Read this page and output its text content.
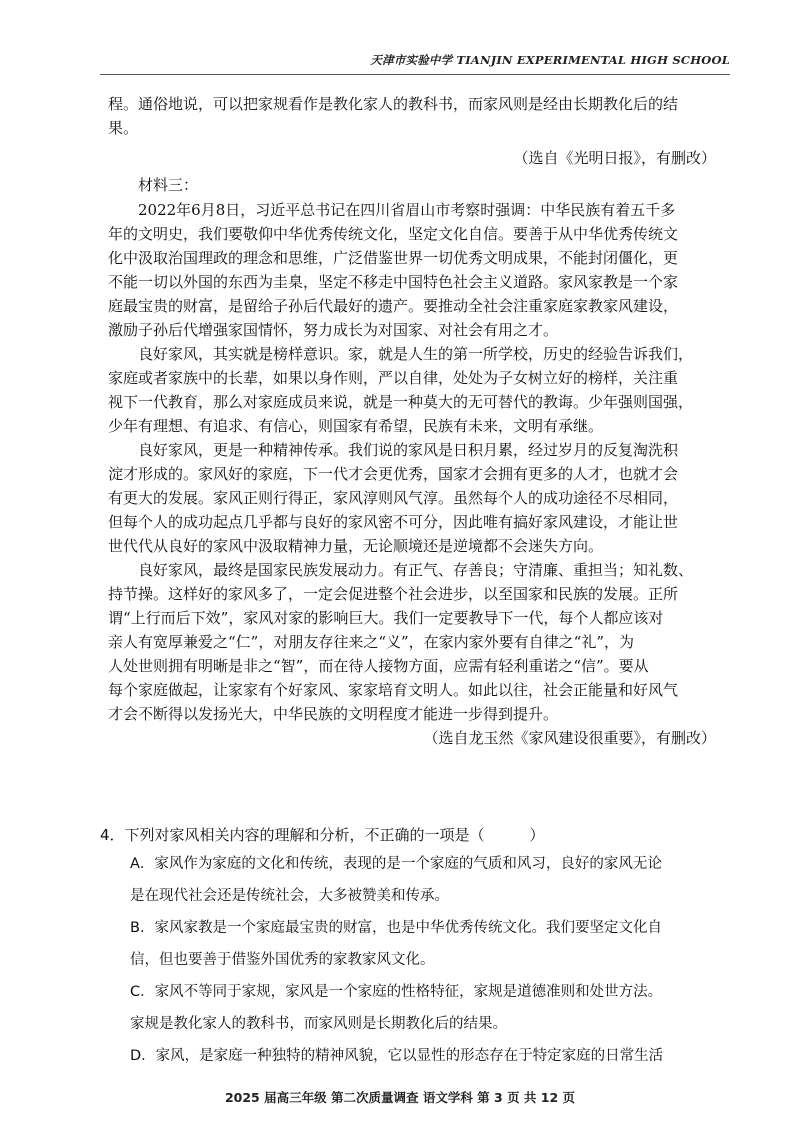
天津市实验中学 TIANJIN EXPERIMENTAL HIGH SCHOOL
程。通俗地说，可以把家规看作是教化家人的教科书，而家风则是经由长期教化后的结
果。
（选自《光明日报》，有删改）
材料三：
2022年6月8日，习近平总书记在四川省眉山市考察时强调：中华民族有着五千多
年的文明史，我们要敬仰中华优秀传统文化，坚定文化自信。要善于从中华优秀传统文
化中汲取治国理政的理念和思维，广泛借鉴世界一切优秀文明成果，不能封闭僵化，更
不能一切以外国的东西为圭臬，坚定不移走中国特色社会主义道路。家风家教是一个家
庭最宝贵的财富，是留给子孙后代最好的遗产。要推动全社会注重家庭家教家风建设，
激励子孙后代增强家国情怀，努力成长为对国家、对社会有用之才。
良好家风，其实就是榜样意识。家，就是人生的第一所学校，历史的经验告诉我们，
家庭或者家族中的长辈，如果以身作则，严以自律，处处为子女树立好的榜样，关注重
视下一代教育，那么对家庭成员来说，就是一种莫大的无可替代的教诲。少年强则国强，
少年有理想、有追求、有信心，则国家有希望，民族有未来，文明有承继。
良好家风，更是一种精神传承。我们说的家风是日积月累，经过岁月的反复淘洗积
淀才形成的。家风好的家庭，下一代才会更优秀，国家才会拥有更多的人才，也就才会
有更大的发展。家风正则行得正，家风淳则风气淳。虽然每个人的成功途径不尽相同，
但每个人的成功起点几乎都与良好的家风密不可分，因此唯有搞好家风建设，才能让世
世代代从良好的家风中汲取精神力量，无论顺境还是逆境都不会迷失方向。
良好家风，最终是国家民族发展动力。有正气、存善良；守清廉、重担当；知礼数、
持节操。这样好的家风多了，一定会促进整个社会进步，以至国家和民族的发展。正所
谓“上行而后下效”，家风对家的影响巨大。我们一定要教导下一代，每个人都应该对
亲人有宽厚兼爱之“仁”，对朋友存往来之“义”，在家内家外要有自律之“礼”，为
人处世则拥有明晰是非之“智”，而在待人接物方面，应需有轻利重诺之“信”。要从
每个家庭做起，让家家有个好家风、家家培育文明人。如此以往，社会正能量和好风气
才会不断得以发扬光大，中华民族的文明程度才能进一步得到提升。
（选自龙玉然《家风建设很重要》，有删改）
4．下列对家风相关内容的理解和分析，不正确的一项是（　　　）
A．家风作为家庭的文化和传统，表现的是一个家庭的气质和风习，良好的家风无论
是在现代社会还是传统社会，大多被赞美和传承。
B．家风家教是一个家庭最宝贵的财富，也是中华优秀传统文化。我们要坚定文化自
信，但也要善于借鉴外国优秀的家教家风文化。
C．家风不等同于家规，家风是一个家庭的性格特征，家规是道德准则和处世方法。
家规是教化家人的教科书，而家风则是长期教化后的结果。
D．家风，是家庭一种独特的精神风貌，它以显性的形态存在于特定家庭的日常生活
2025 届高三年级 第二次质量调查 语文学科 第 3 页 共 12 页
